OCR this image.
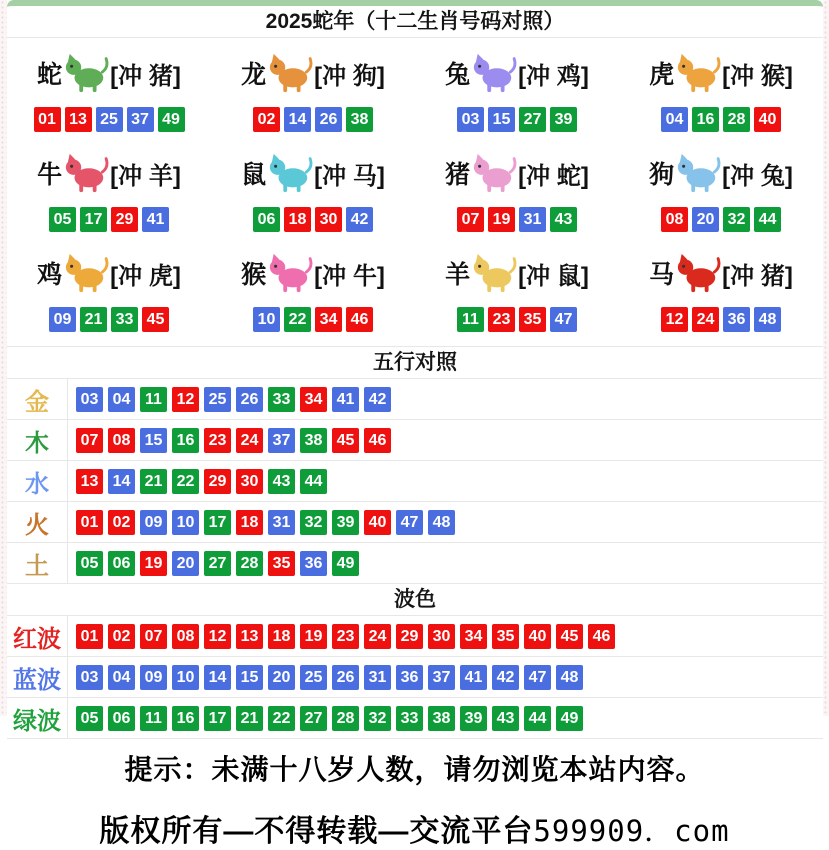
2025蛇年（十二生肖号码对照）
蛇 [冲 猪]
01 13 25 37 49
龙 [冲 狗]
02 14 26 38
兔 [冲 鸡]
03 15 27 39
虎 [冲 猴]
04 16 28 40
牛 [冲 羊]
05 17 29 41
鼠 [冲 马]
06 18 30 42
猪 [冲 蛇]
07 19 31 43
狗 [冲 兔]
08 20 32 44
鸡 [冲 虎]
09 21 33 45
猴 [冲 牛]
10 22 34 46
羊 [冲 鼠]
11 23 35 47
马 [冲 猪]
12 24 36 48
五行对照
金	03 04 11 12 25 26 33 34 41 42
木	07 08 15 16 23 24 37 38 45 46
水	13 14 21 22 29 30 43 44
火	01 02 09 10 17 18 31 32 39 40 47 48
土	05 06 19 20 27 28 35 36 49
波色
红波	01 02 07 08 12 13 18 19 23 24 29 30 34 35 40 45 46
蓝波	03 04 09 10 14 15 20 25 26 31 36 37 41 42 47 48
绿波	05 06 11 16 17 21 22 27 28 32 33 38 39 43 44 49
提示：未满十八岁人数，请勿浏览本站内容。
版权所有—不得转载—交流平台599909．com
